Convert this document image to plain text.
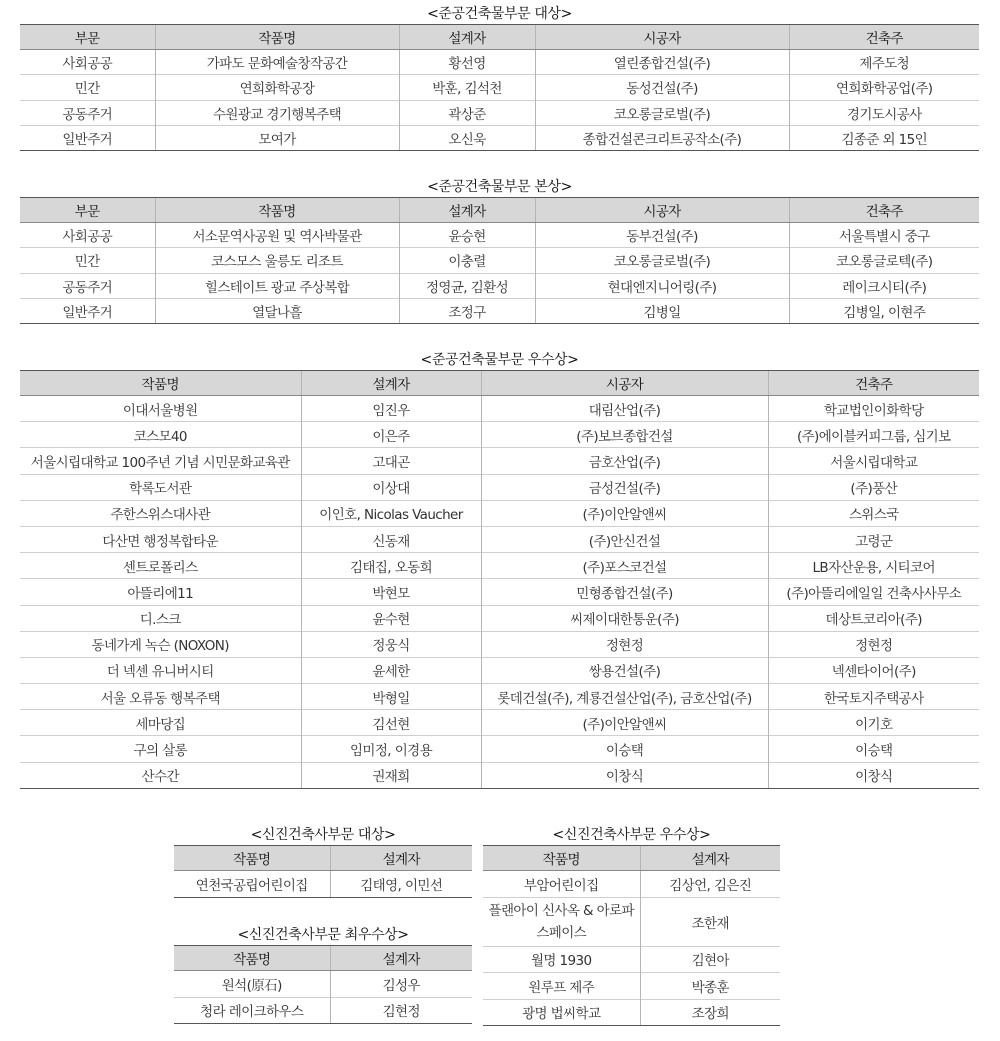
<준공건축물부문 대상>
부문	작품명	설계자	시공자	건축주
사회공공	가파도 문화예술창작공간	황선영	열린종합건설(주)	제주도청
민간	연희화학공장	박훈, 김석천	동성건설(주)	연희화학공업(주)
공동주거	수원광교 경기행복주택	곽상준	코오롱글로벌(주)	경기도시공사
일반주거	모여가	오신욱	종합건설콘크리트공작소(주)	김종준 외 15인
<준공건축물부문 본상>
부문	작품명	설계자	시공자	건축주
사회공공	서소문역사공원 및 역사박물관	윤승현	동부건설(주)	서울특별시 중구
민간	코스모스 울릉도 리조트	이충렬	코오롱글로벌(주)	코오롱글로텍(주)
공동주거	힐스테이트 광교 주상복합	정영균, 김환성	현대엔지니어링(주)	레이크시티(주)
일반주거	열달나흘	조정구	김병일	김병일, 이현주
<준공건축물부문 우수상>
작품명	설계자	시공자	건축주
이대서울병원	임진우	대림산업(주)	학교법인이화학당
코스모40	이은주	(주)보브종합건설	(주)에이블커피그룹, 심기보
서울시립대학교 100주년 기념 시민문화교육관	고대곤	금호산업(주)	서울시립대학교
학록도서관	이상대	금성건설(주)	(주)풍산
주한스위스대사관	이인호, Nicolas Vaucher	(주)이안알앤씨	스위스국
다산면 행정복합타운	신동재	(주)안신건설	고령군
센트로폴리스	김태집, 오동희	(주)포스코건설	LB자산운용, 시티코어
아뜰리에11	박현모	민형종합건설(주)	(주)아뜰리에일일 건축사사무소
디.스크	윤수현	씨제이대한통운(주)	데상트코리아(주)
동네가게 녹슨 (NOXON)	정웅식	정현정	정현정
더 넥센 유니버시티	윤세한	쌍용건설(주)	넥센타이어(주)
서울 오류동 행복주택	박형일	롯데건설(주), 계룡건설산업(주), 금호산업(주)	한국토지주택공사
세마당집	김선현	(주)이안알앤씨	이기호
구의 살롱	임미정, 이경용	이승택	이승택
산수간	권재희	이창식	이창식
<신진건축사부문 대상>
작품명	설계자
연천국공립어린이집	김태영, 이민선
<신진건축사부문 최우수상>
작품명	설계자
원석(原石)	김성우
청라 레이크하우스	김현정
<신진건축사부문 우수상>
작품명	설계자
부암어린이집	김상언, 김은진
플랜아이 신사옥 & 아로파스페이스	조한재
월명 1930	김현아
원루프 제주	박종훈
광명 법씨학교	조장희
